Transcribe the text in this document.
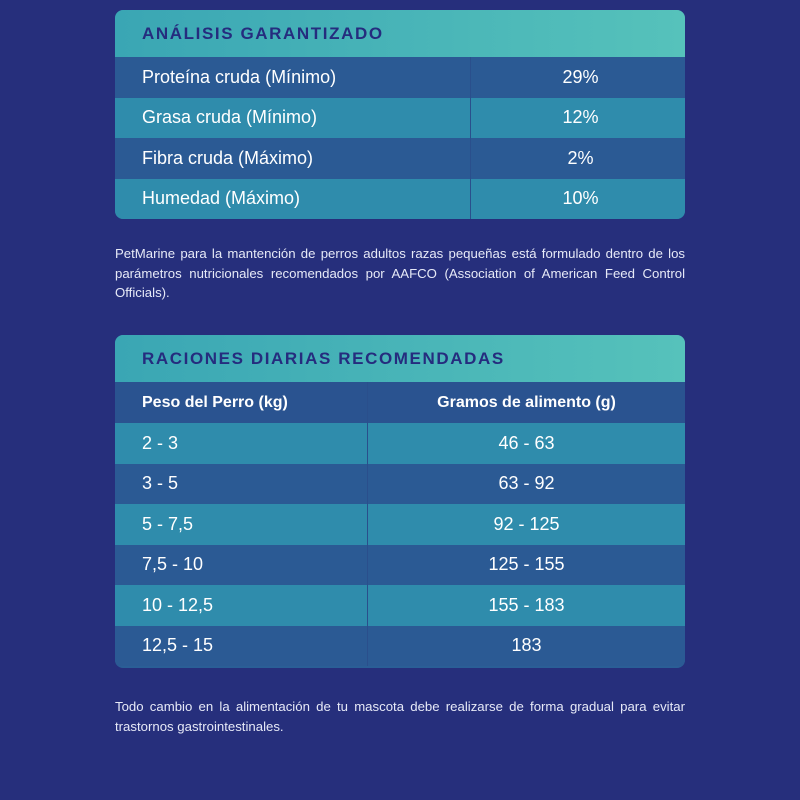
ANÁLISIS GARANTIZADO
Proteína cruda (Mínimo)	29%
Grasa cruda (Mínimo)	12%
Fibra cruda (Máximo)	2%
Humedad (Máximo)	10%

PetMarine para la mantención de perros adultos razas pequeñas está formulado dentro de los parámetros nutricionales recomendados por AAFCO (Association of American Feed Control Officials).

RACIONES DIARIAS RECOMENDADAS
Peso del Perro (kg)	Gramos de alimento (g)
2 - 3	46 - 63
3 - 5	63 - 92
5 - 7,5	92 - 125
7,5 - 10	125 - 155
10 - 12,5	155 - 183
12,5 - 15	183

Todo cambio en la alimentación de tu mascota debe realizarse de forma gradual para evitar trastornos gastrointestinales.
